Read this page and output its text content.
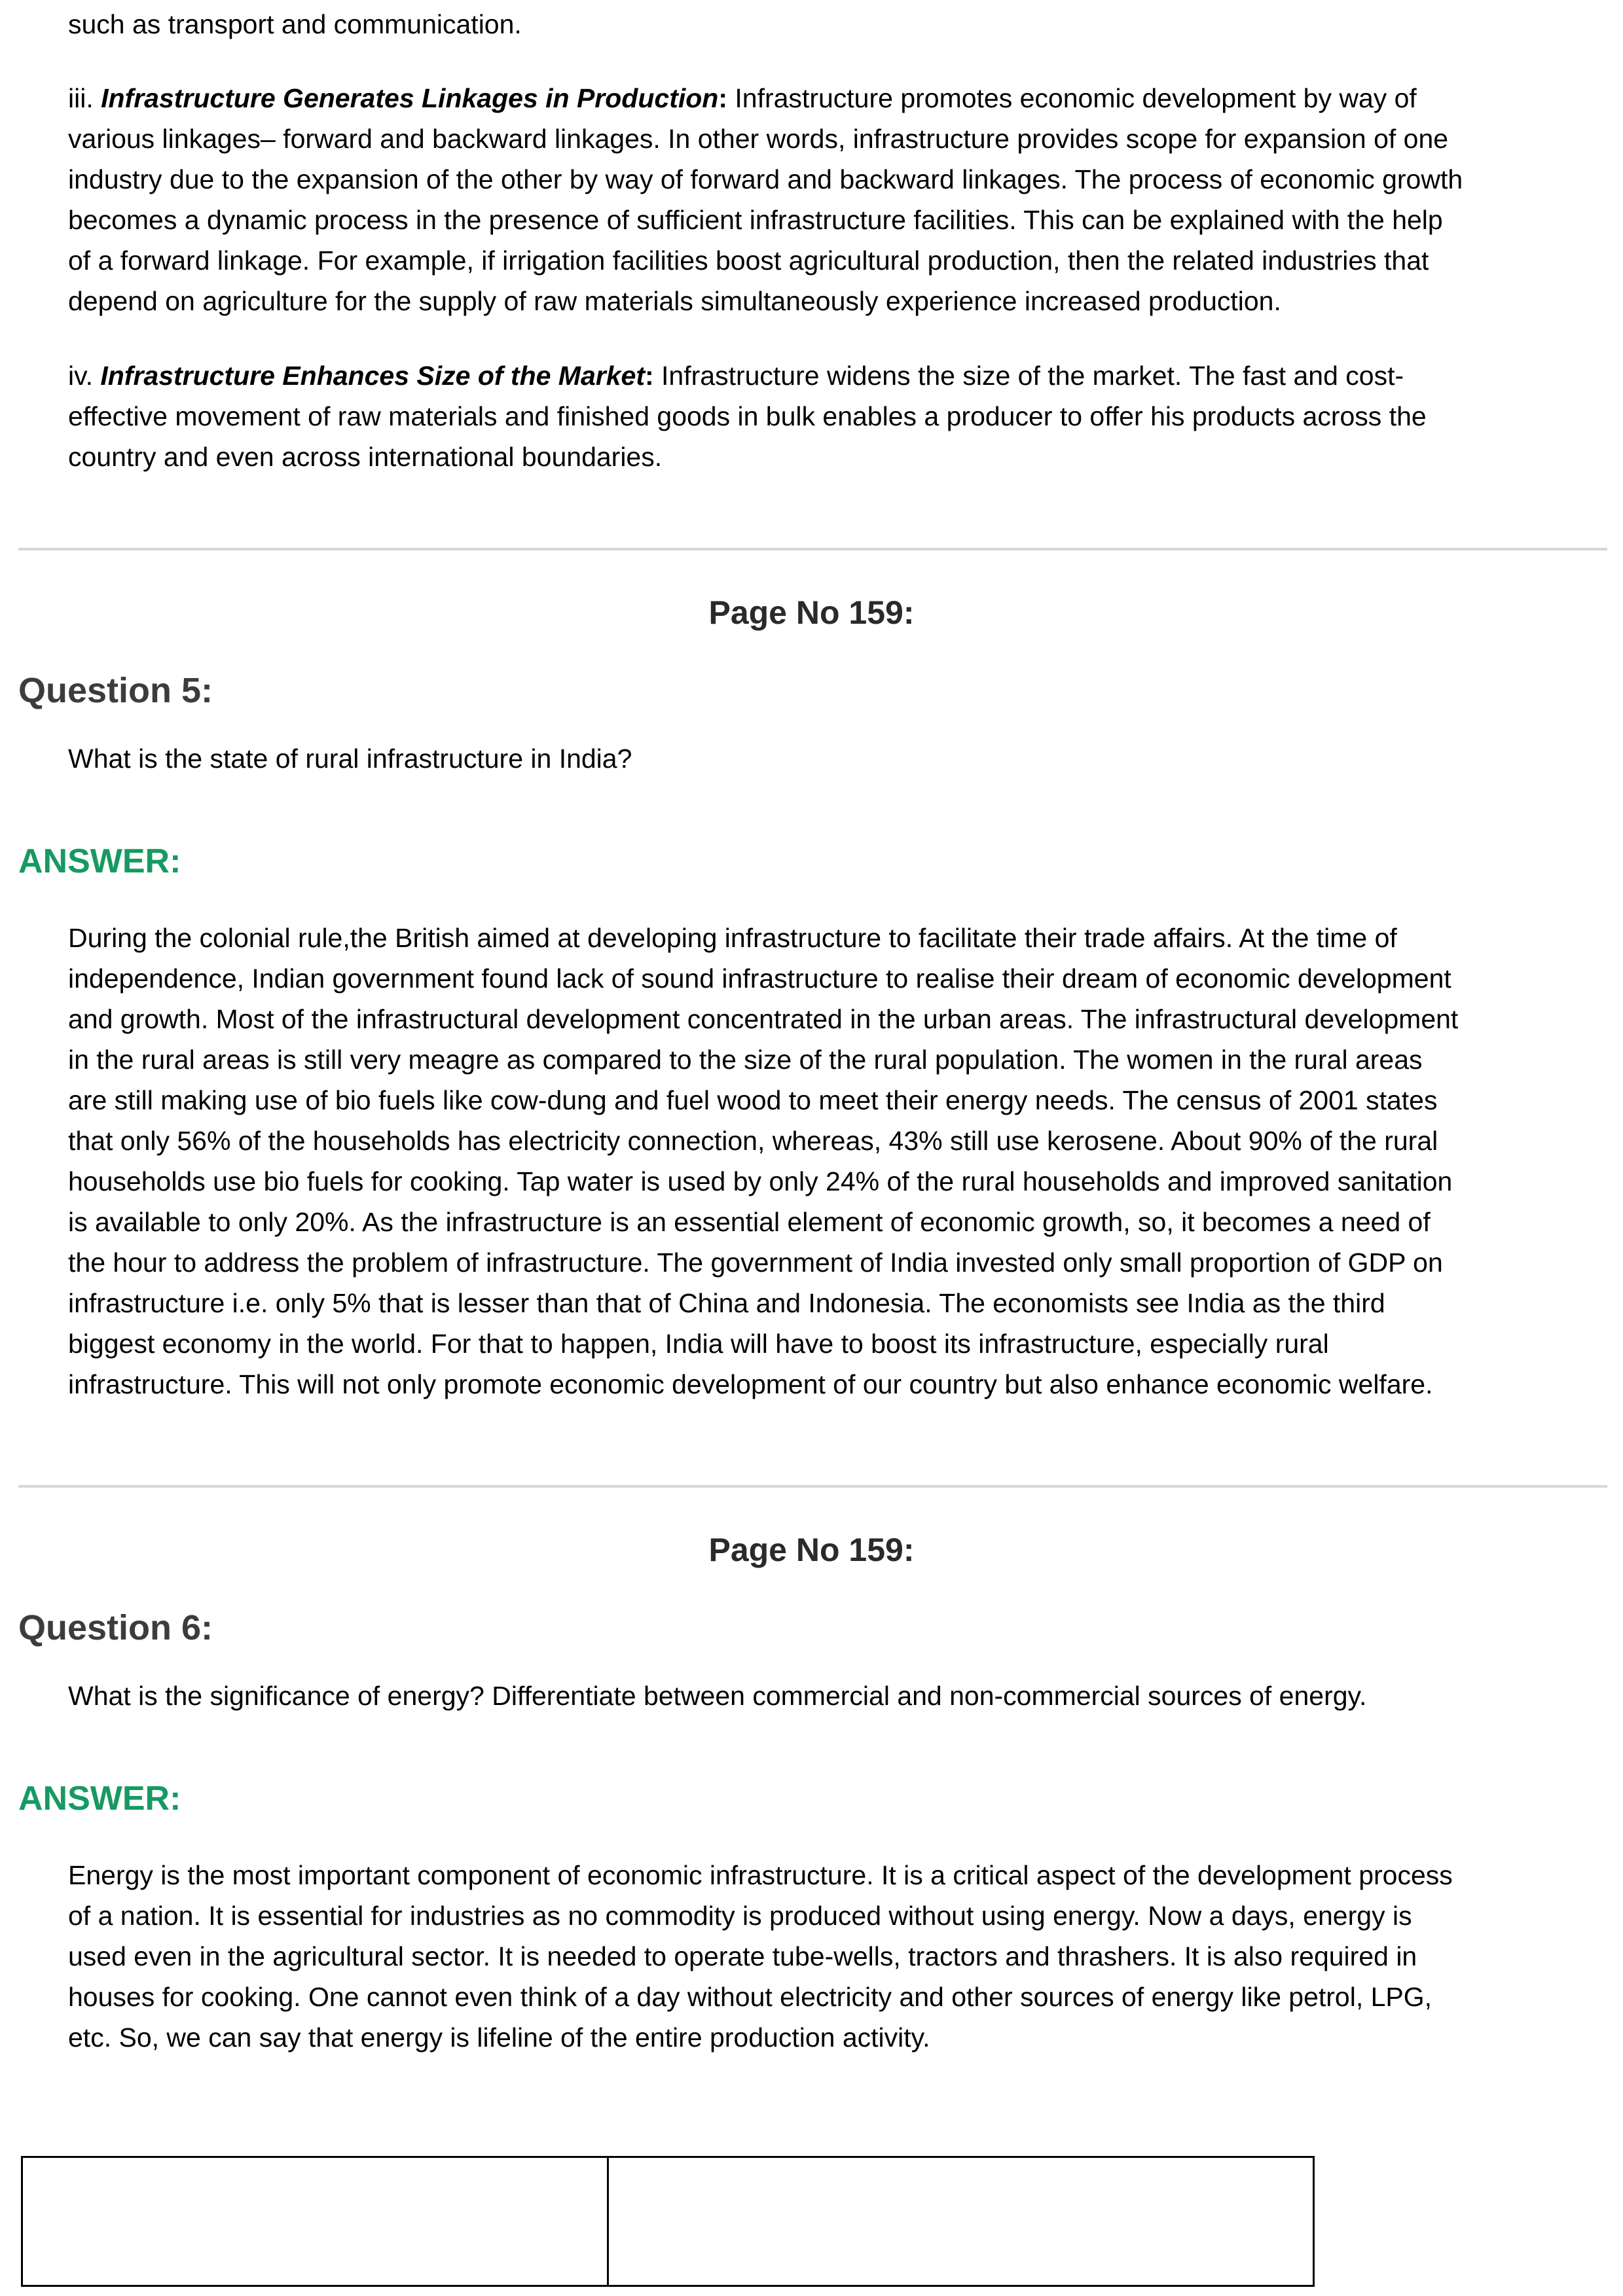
such as transport and communication.

iii. Infrastructure Generates Linkages in Production: Infrastructure promotes economic development by way of various linkages– forward and backward linkages. In other words, infrastructure provides scope for expansion of one industry due to the expansion of the other by way of forward and backward linkages. The process of economic growth becomes a dynamic process in the presence of sufficient infrastructure facilities. This can be explained with the help of a forward linkage. For example, if irrigation facilities boost agricultural production, then the related industries that depend on agriculture for the supply of raw materials simultaneously experience increased production.

iv. Infrastructure Enhances Size of the Market: Infrastructure widens the size of the market. The fast and cost-effective movement of raw materials and finished goods in bulk enables a producer to offer his products across the country and even across international boundaries.

Page No 159:
Question 5:

What is the state of rural infrastructure in India?

ANSWER:

During the colonial rule,the British aimed at developing infrastructure to facilitate their trade affairs. At the time of independence, Indian government found lack of sound infrastructure to realise their dream of economic development and growth. Most of the infrastructural development concentrated in the urban areas. The infrastructural development in the rural areas is still very meagre as compared to the size of the rural population. The women in the rural areas are still making use of bio fuels like cow-dung and fuel wood to meet their energy needs. The census of 2001 states that only 56% of the households has electricity connection, whereas, 43% still use kerosene. About 90% of the rural households use bio fuels for cooking. Tap water is used by only 24% of the rural households and improved sanitation is available to only 20%. As the infrastructure is an essential element of economic growth, so, it becomes a need of the hour to address the problem of infrastructure. The government of India invested only small proportion of GDP on infrastructure i.e. only 5% that is lesser than that of China and Indonesia. The economists see India as the third biggest economy in the world. For that to happen, India will have to boost its infrastructure, especially rural infrastructure. This will not only promote economic development of our country but also enhance economic welfare.

Page No 159:
Question 6:

What is the significance of energy? Differentiate between commercial and non-commercial sources of energy.

ANSWER:

Energy is the most important component of economic infrastructure. It is a critical aspect of the development process of a nation. It is essential for industries as no commodity is produced without using energy. Now a days, energy is used even in the agricultural sector. It is needed to operate tube-wells, tractors and thrashers. It is also required in houses for cooking. One cannot even think of a day without electricity and other sources of energy like petrol, LPG, etc. So, we can say that energy is lifeline of the entire production activity.
